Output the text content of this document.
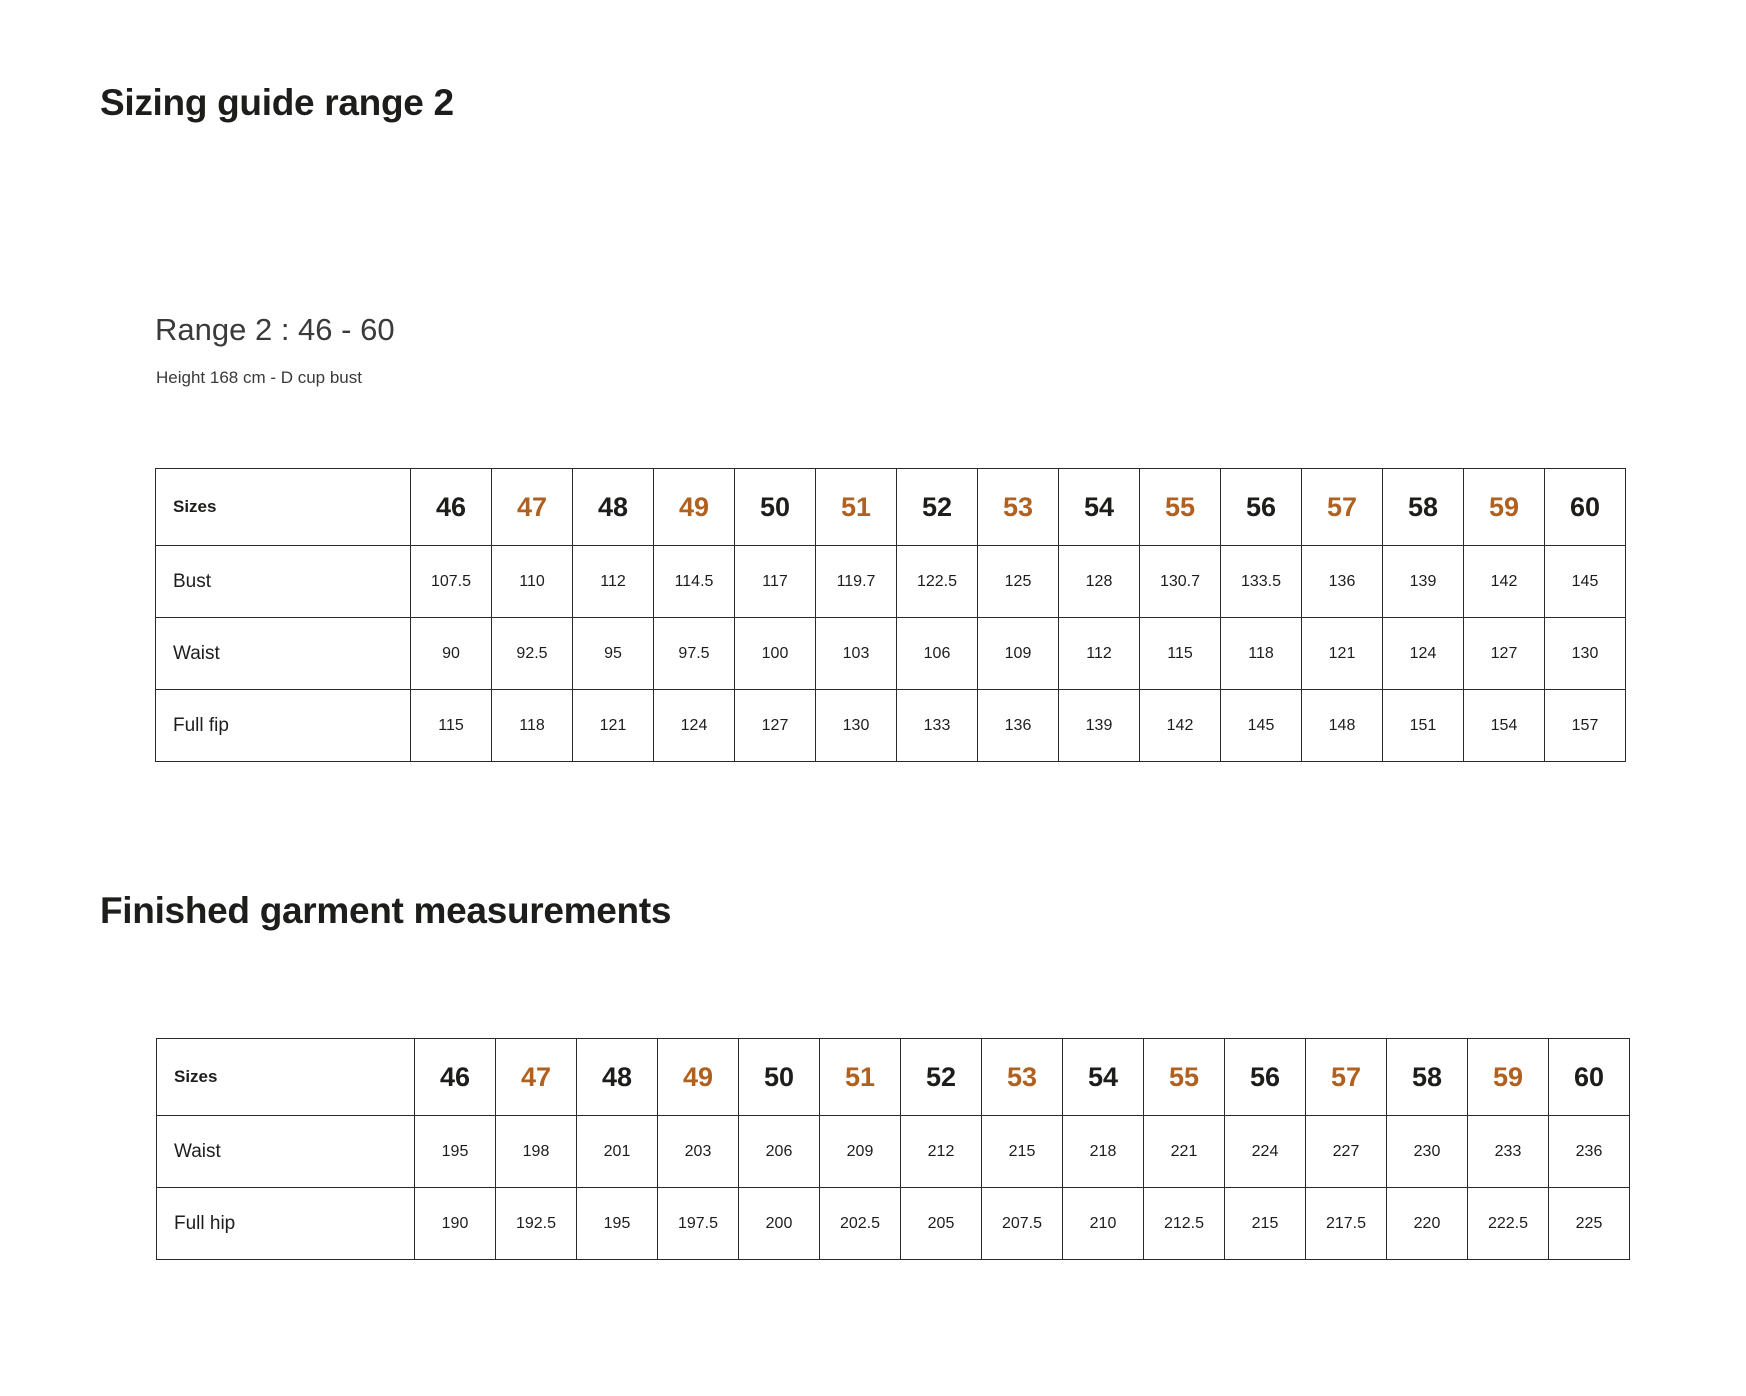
Sizing guide range 2
Range 2 : 46 - 60
Height 168 cm - D cup bust
Sizes	46	47	48	49	50	51	52	53	54	55	56	57	58	59	60
Bust	107.5	110	112	114.5	117	119.7	122.5	125	128	130.7	133.5	136	139	142	145
Waist	90	92.5	95	97.5	100	103	106	109	112	115	118	121	124	127	130
Full fip	115	118	121	124	127	130	133	136	139	142	145	148	151	154	157
Finished garment measurements
Sizes	46	47	48	49	50	51	52	53	54	55	56	57	58	59	60
Waist	195	198	201	203	206	209	212	215	218	221	224	227	230	233	236
Full hip	190	192.5	195	197.5	200	202.5	205	207.5	210	212.5	215	217.5	220	222.5	225
